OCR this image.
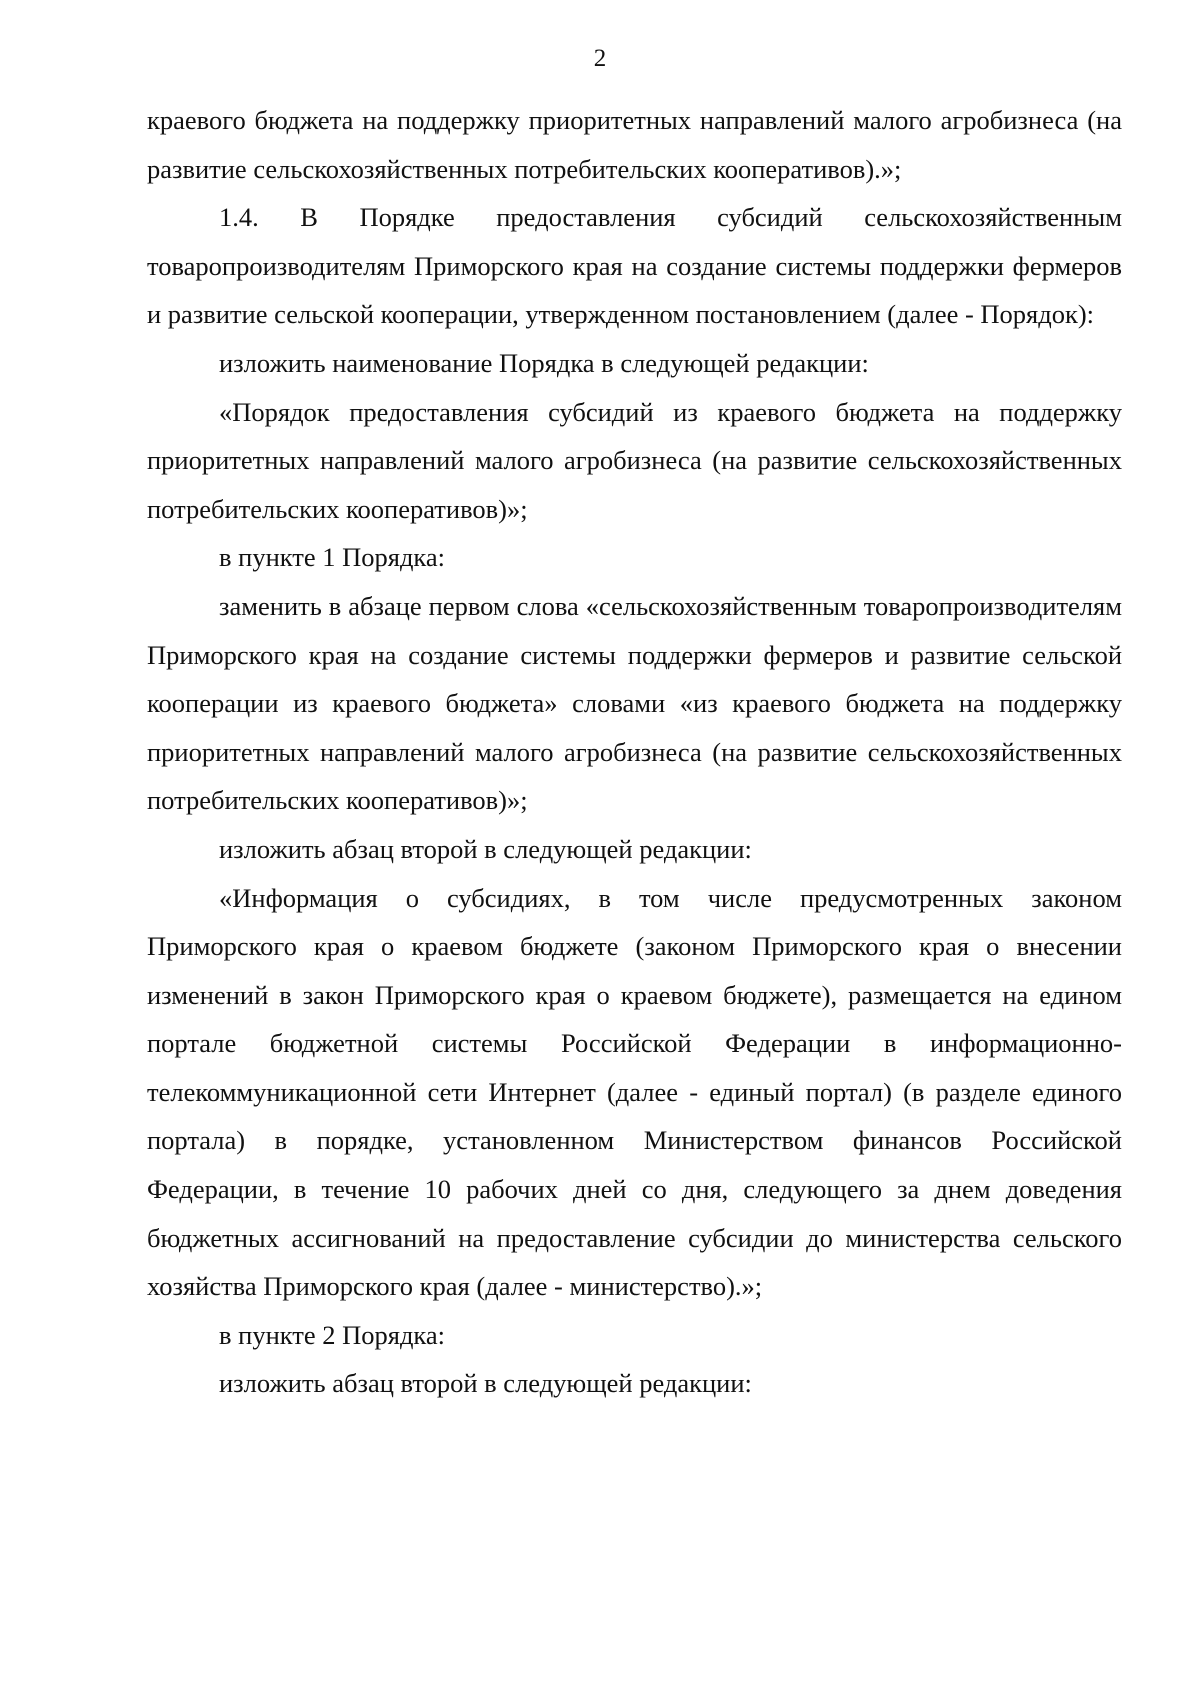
2

краевого бюджета на поддержку приоритетных направлений малого агробизнеса (на развитие сельскохозяйственных потребительских кооперативов).»;

1.4. В Порядке предоставления субсидий сельскохозяйственным товаропроизводителям Приморского края на создание системы поддержки фермеров и развитие сельской кооперации, утвержденном постановлением (далее - Порядок):

изложить наименование Порядка в следующей редакции:

«Порядок предоставления субсидий из краевого бюджета на поддержку приоритетных направлений малого агробизнеса (на развитие сельскохозяйственных потребительских кооперативов)»;

в пункте 1 Порядка:

заменить в абзаце первом слова «сельскохозяйственным товаропроизводителям Приморского края на создание системы поддержки фермеров и развитие сельской кооперации из краевого бюджета» словами «из краевого бюджета на поддержку приоритетных направлений малого агробизнеса (на развитие сельскохозяйственных потребительских кооперативов)»;

изложить абзац второй в следующей редакции:

«Информация о субсидиях, в том числе предусмотренных законом Приморского края о краевом бюджете (законом Приморского края о внесении изменений в закон Приморского края о краевом бюджете), размещается на едином портале бюджетной системы Российской Федерации в информационно-телекоммуникационной сети Интернет (далее - единый портал) (в разделе единого портала) в порядке, установленном Министерством финансов Российской Федерации, в течение 10 рабочих дней со дня, следующего за днем доведения бюджетных ассигнований на предоставление субсидии до министерства сельского хозяйства Приморского края (далее - министерство).»;

в пункте 2 Порядка:

изложить абзац второй в следующей редакции:
